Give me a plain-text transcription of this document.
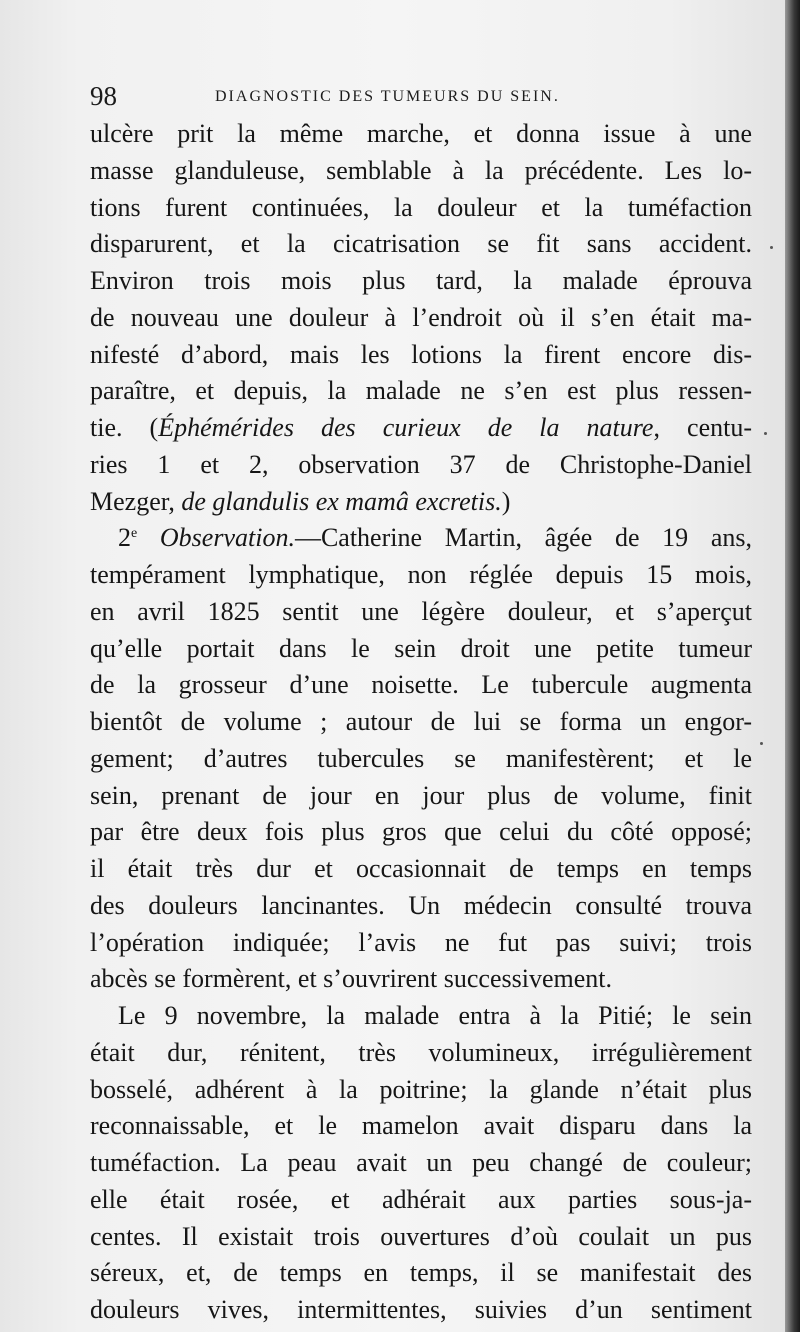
98	DIAGNOSTIC DES TUMEURS DU SEIN.
ulcère prit la même marche, et donna issue à une
masse glanduleuse, semblable à la précédente. Les lo-
tions furent continuées, la douleur et la tuméfaction
disparurent, et la cicatrisation se fit sans accident.
Environ trois mois plus tard, la malade éprouva
de nouveau une douleur à l’endroit où il s’en était ma-
nifesté d’abord, mais les lotions la firent encore dis-
paraître, et depuis, la malade ne s’en est plus ressen-
tie. (Éphémérides des curieux de la nature, centu-
ries 1 et 2, observation 37 de Christophe-Daniel
Mezger, de glandulis ex mamâ excretis.)
2e Observation.—Catherine Martin, âgée de 19 ans,
tempérament lymphatique, non réglée depuis 15 mois,
en avril 1825 sentit une légère douleur, et s’aperçut
qu’elle portait dans le sein droit une petite tumeur
de la grosseur d’une noisette. Le tubercule augmenta
bientôt de volume ; autour de lui se forma un engor-
gement; d’autres tubercules se manifestèrent; et le
sein, prenant de jour en jour plus de volume, finit
par être deux fois plus gros que celui du côté opposé;
il était très dur et occasionnait de temps en temps
des douleurs lancinantes. Un médecin consulté trouva
l’opération indiquée; l’avis ne fut pas suivi; trois
abcès se formèrent, et s’ouvrirent successivement.
Le 9 novembre, la malade entra à la Pitié; le sein
était dur, rénitent, très volumineux, irrégulièrement
bosselé, adhérent à la poitrine; la glande n’était plus
reconnaissable, et le mamelon avait disparu dans la
tuméfaction. La peau avait un peu changé de couleur;
elle était rosée, et adhérait aux parties sous-ja-
centes. Il existait trois ouvertures d’où coulait un pus
séreux, et, de temps en temps, il se manifestait des
douleurs vives, intermittentes, suivies d’un sentiment
